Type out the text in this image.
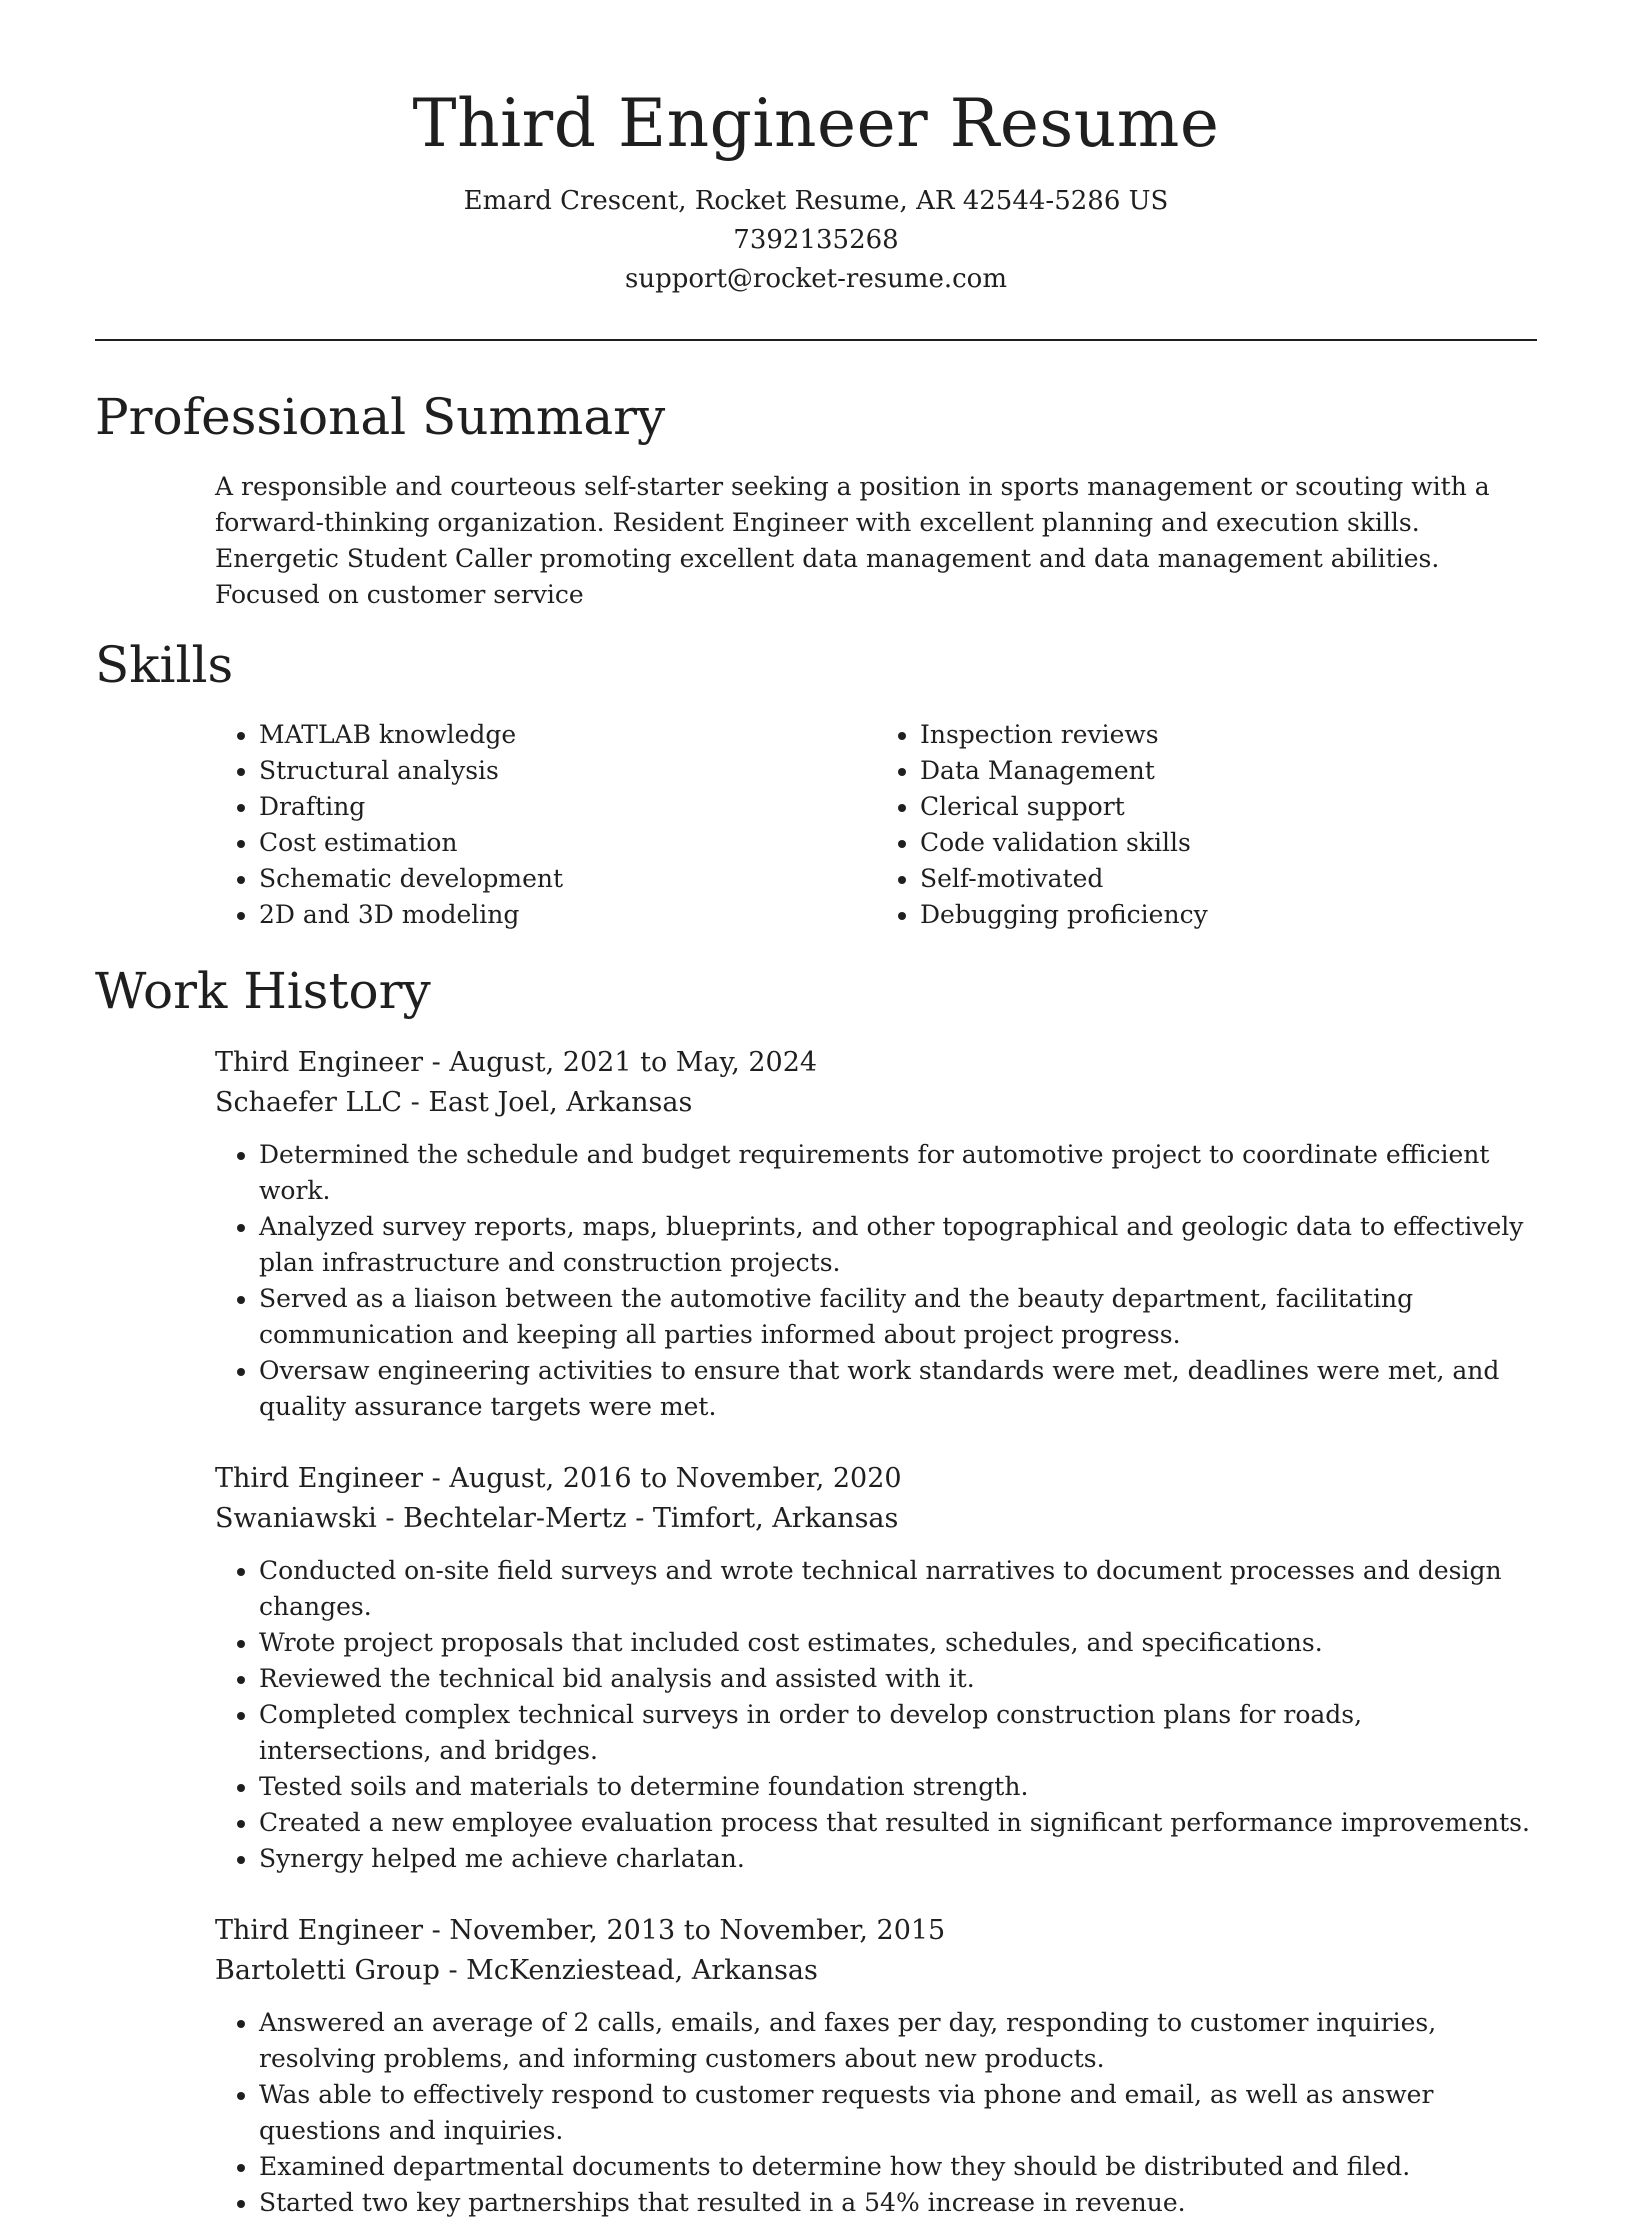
Third Engineer Resume
Emard Crescent, Rocket Resume, AR 42544-5286 US
7392135268
support@rocket-resume.com
Professional Summary

A responsible and courteous self-starter seeking a position in sports management or scouting with a forward-thinking organization. Resident Engineer with excellent planning and execution skills. Energetic Student Caller promoting excellent data management and data management abilities. Focused on customer service

Skills
• MATLAB knowledge
• Structural analysis
• Drafting
• Cost estimation
• Schematic development
• 2D and 3D modeling
• Inspection reviews
• Data Management
• Clerical support
• Code validation skills
• Self-motivated
• Debugging proficiency
Work History
Third Engineer - August, 2021 to May, 2024
Schaefer LLC - East Joel, Arkansas
• Determined the schedule and budget requirements for automotive project to coordinate efficient work.
• Analyzed survey reports, maps, blueprints, and other topographical and geologic data to effectively plan infrastructure and construction projects.
• Served as a liaison between the automotive facility and the beauty department, facilitating communication and keeping all parties informed about project progress.
• Oversaw engineering activities to ensure that work standards were met, deadlines were met, and quality assurance targets were met.
Third Engineer - August, 2016 to November, 2020
Swaniawski - Bechtelar-Mertz - Timfort, Arkansas
• Conducted on-site field surveys and wrote technical narratives to document processes and design changes.
• Wrote project proposals that included cost estimates, schedules, and specifications.
• Reviewed the technical bid analysis and assisted with it.
• Completed complex technical surveys in order to develop construction plans for roads, intersections, and bridges.
• Tested soils and materials to determine foundation strength.
• Created a new employee evaluation process that resulted in significant performance improvements.
• Synergy helped me achieve charlatan.
Third Engineer - November, 2013 to November, 2015
Bartoletti Group - McKenziestead, Arkansas
• Answered an average of 2 calls, emails, and faxes per day, responding to customer inquiries, resolving problems, and informing customers about new products.
• Was able to effectively respond to customer requests via phone and email, as well as answer questions and inquiries.
• Examined departmental documents to determine how they should be distributed and filed.
• Started two key partnerships that resulted in a 54% increase in revenue.
